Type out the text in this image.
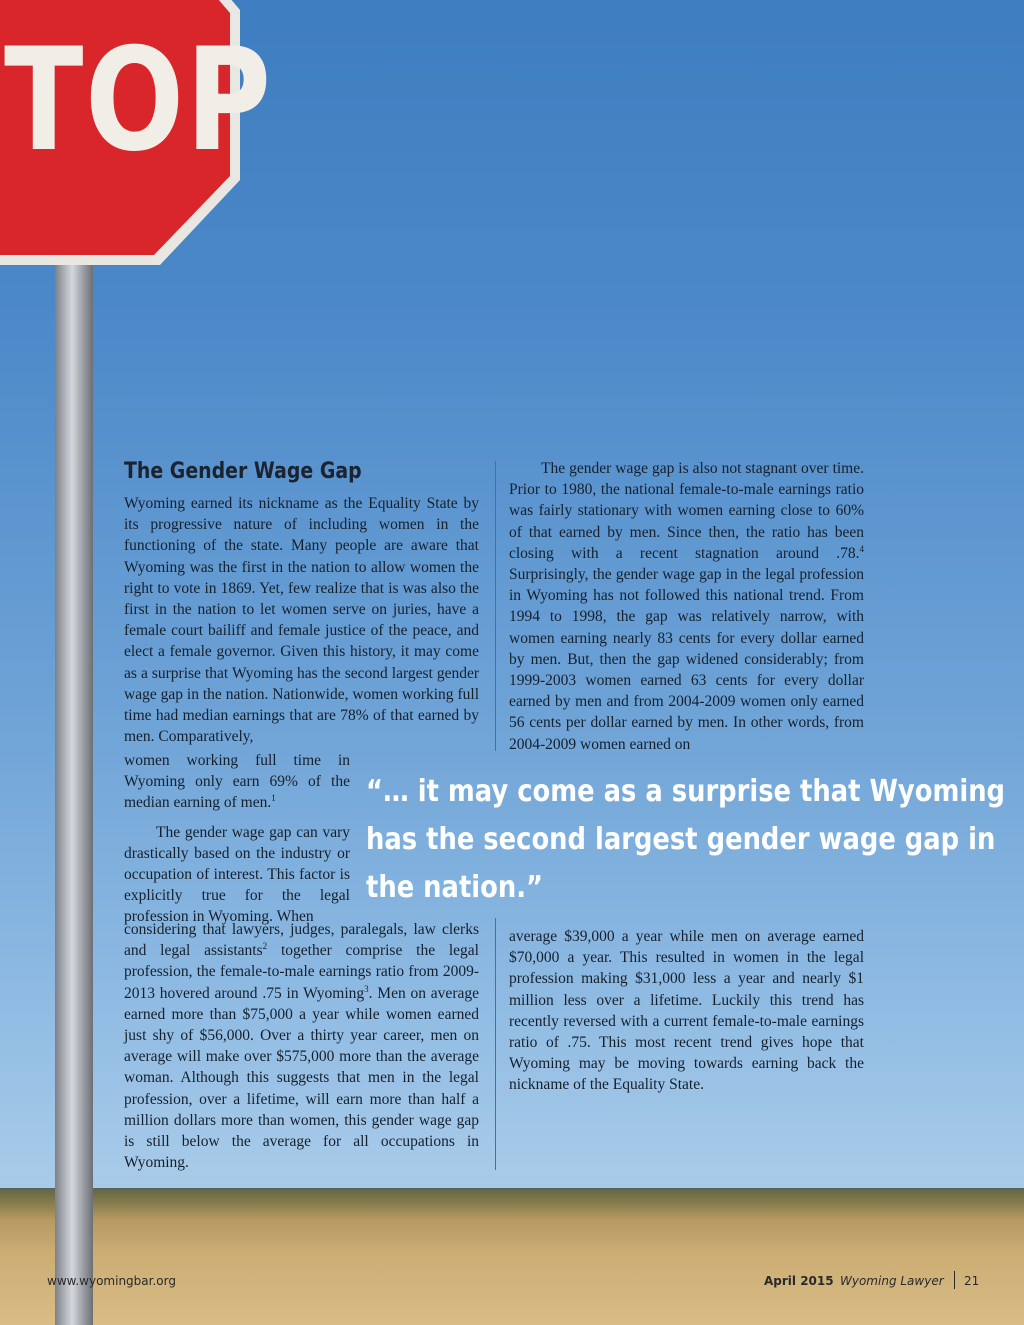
TOP
The Gender Wage Gap

Wyoming earned its nickname as the Equality State by its progressive nature of including women in the functioning of the state. Many people are aware that Wyoming was the first in the nation to allow women the right to vote in 1869. Yet, few realize that is was also the first in the nation to let women serve on juries, have a female court bailiff and female justice of the peace, and elect a female governor. Given this history, it may come as a surprise that Wyoming has the second largest gender wage gap in the nation. Nationwide, women working full time had median earnings that are 78% of that earned by men. Comparatively,

women working full time in Wyoming only earn 69% of the median earning of men.$^1$

The gender wage gap can vary drastically based on the industry or occupation of interest. This factor is explicitly true for the legal profession in Wyoming. When

considering that lawyers, judges, paralegals, law clerks and legal assistants$^2$ together comprise the legal profession, the female-to-male earnings ratio from 2009-2013 hovered around .75 in Wyoming$^3$. Men on average earned more than $75,000 a year while women earned just shy of $56,000. Over a thirty year career, men on average will make over $575,000 more than the average woman. Although this suggests that men in the legal profession, over a lifetime, will earn more than half a million dollars more than women, this gender wage gap is still below the average for all occupations in Wyoming.

The gender wage gap is also not stagnant over time. Prior to 1980, the national female-to-male earnings ratio was fairly stationary with women earning close to 60% of that earned by men. Since then, the ratio has been closing with a recent stagnation around .78.$^4$ Surprisingly, the gender wage gap in the legal profession in Wyoming has not followed this national trend. From 1994 to 1998, the gap was relatively narrow, with women earning nearly 83 cents for every dollar earned by men. But, then the gap widened considerably; from 1999-2003 women earned 63 cents for every dollar earned by men and from 2004-2009 women only earned 56 cents per dollar earned by men. In other words, from 2004-2009 women earned on

“… it may come as a surprise that Wyoming
has the second largest gender wage gap in
the nation.”

average $39,000 a year while men on average earned $70,000 a year. This resulted in women in the legal profession making $31,000 less a year and nearly $1 million less over a lifetime. Luckily this trend has recently reversed with a current female-to-male earnings ratio of .75. This most recent trend gives hope that Wyoming may be moving towards earning back the nickname of the Equality State.

www.wyomingbar.org	April 2015 Wyoming Lawyer 21
